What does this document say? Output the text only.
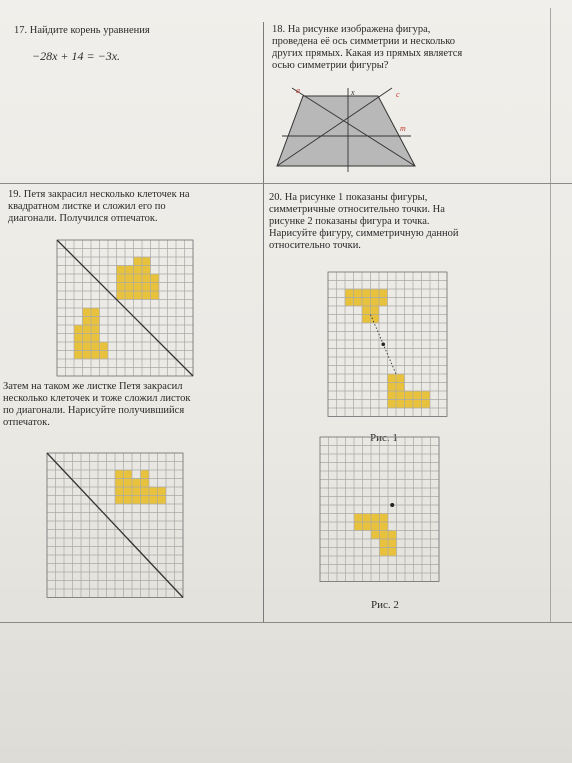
17. Найдите корень уравнения

−28x + 14 = −3x.

18. На рисунке изображена фигура,

проведена её ось симметрии и несколько

других прямых. Какая из прямых является

осью симметрии фигуры?

a	x	c
m

19. Петя закрасил несколько клеточек на

квадратном листке и сложил его по

диагонали. Получился отпечаток.

Затем на таком же листке Петя закрасил

несколько клеточек и тоже сложил листок

по диагонали. Нарисуйте получившийся

отпечаток.

20. На рисунке 1 показаны фигуры,

симметричные относительно точки. На

рисунке 2 показаны фигура и точка.

Нарисуйте фигуру, симметричную данной

относительно точки.

Рис. 1

Рис. 2
